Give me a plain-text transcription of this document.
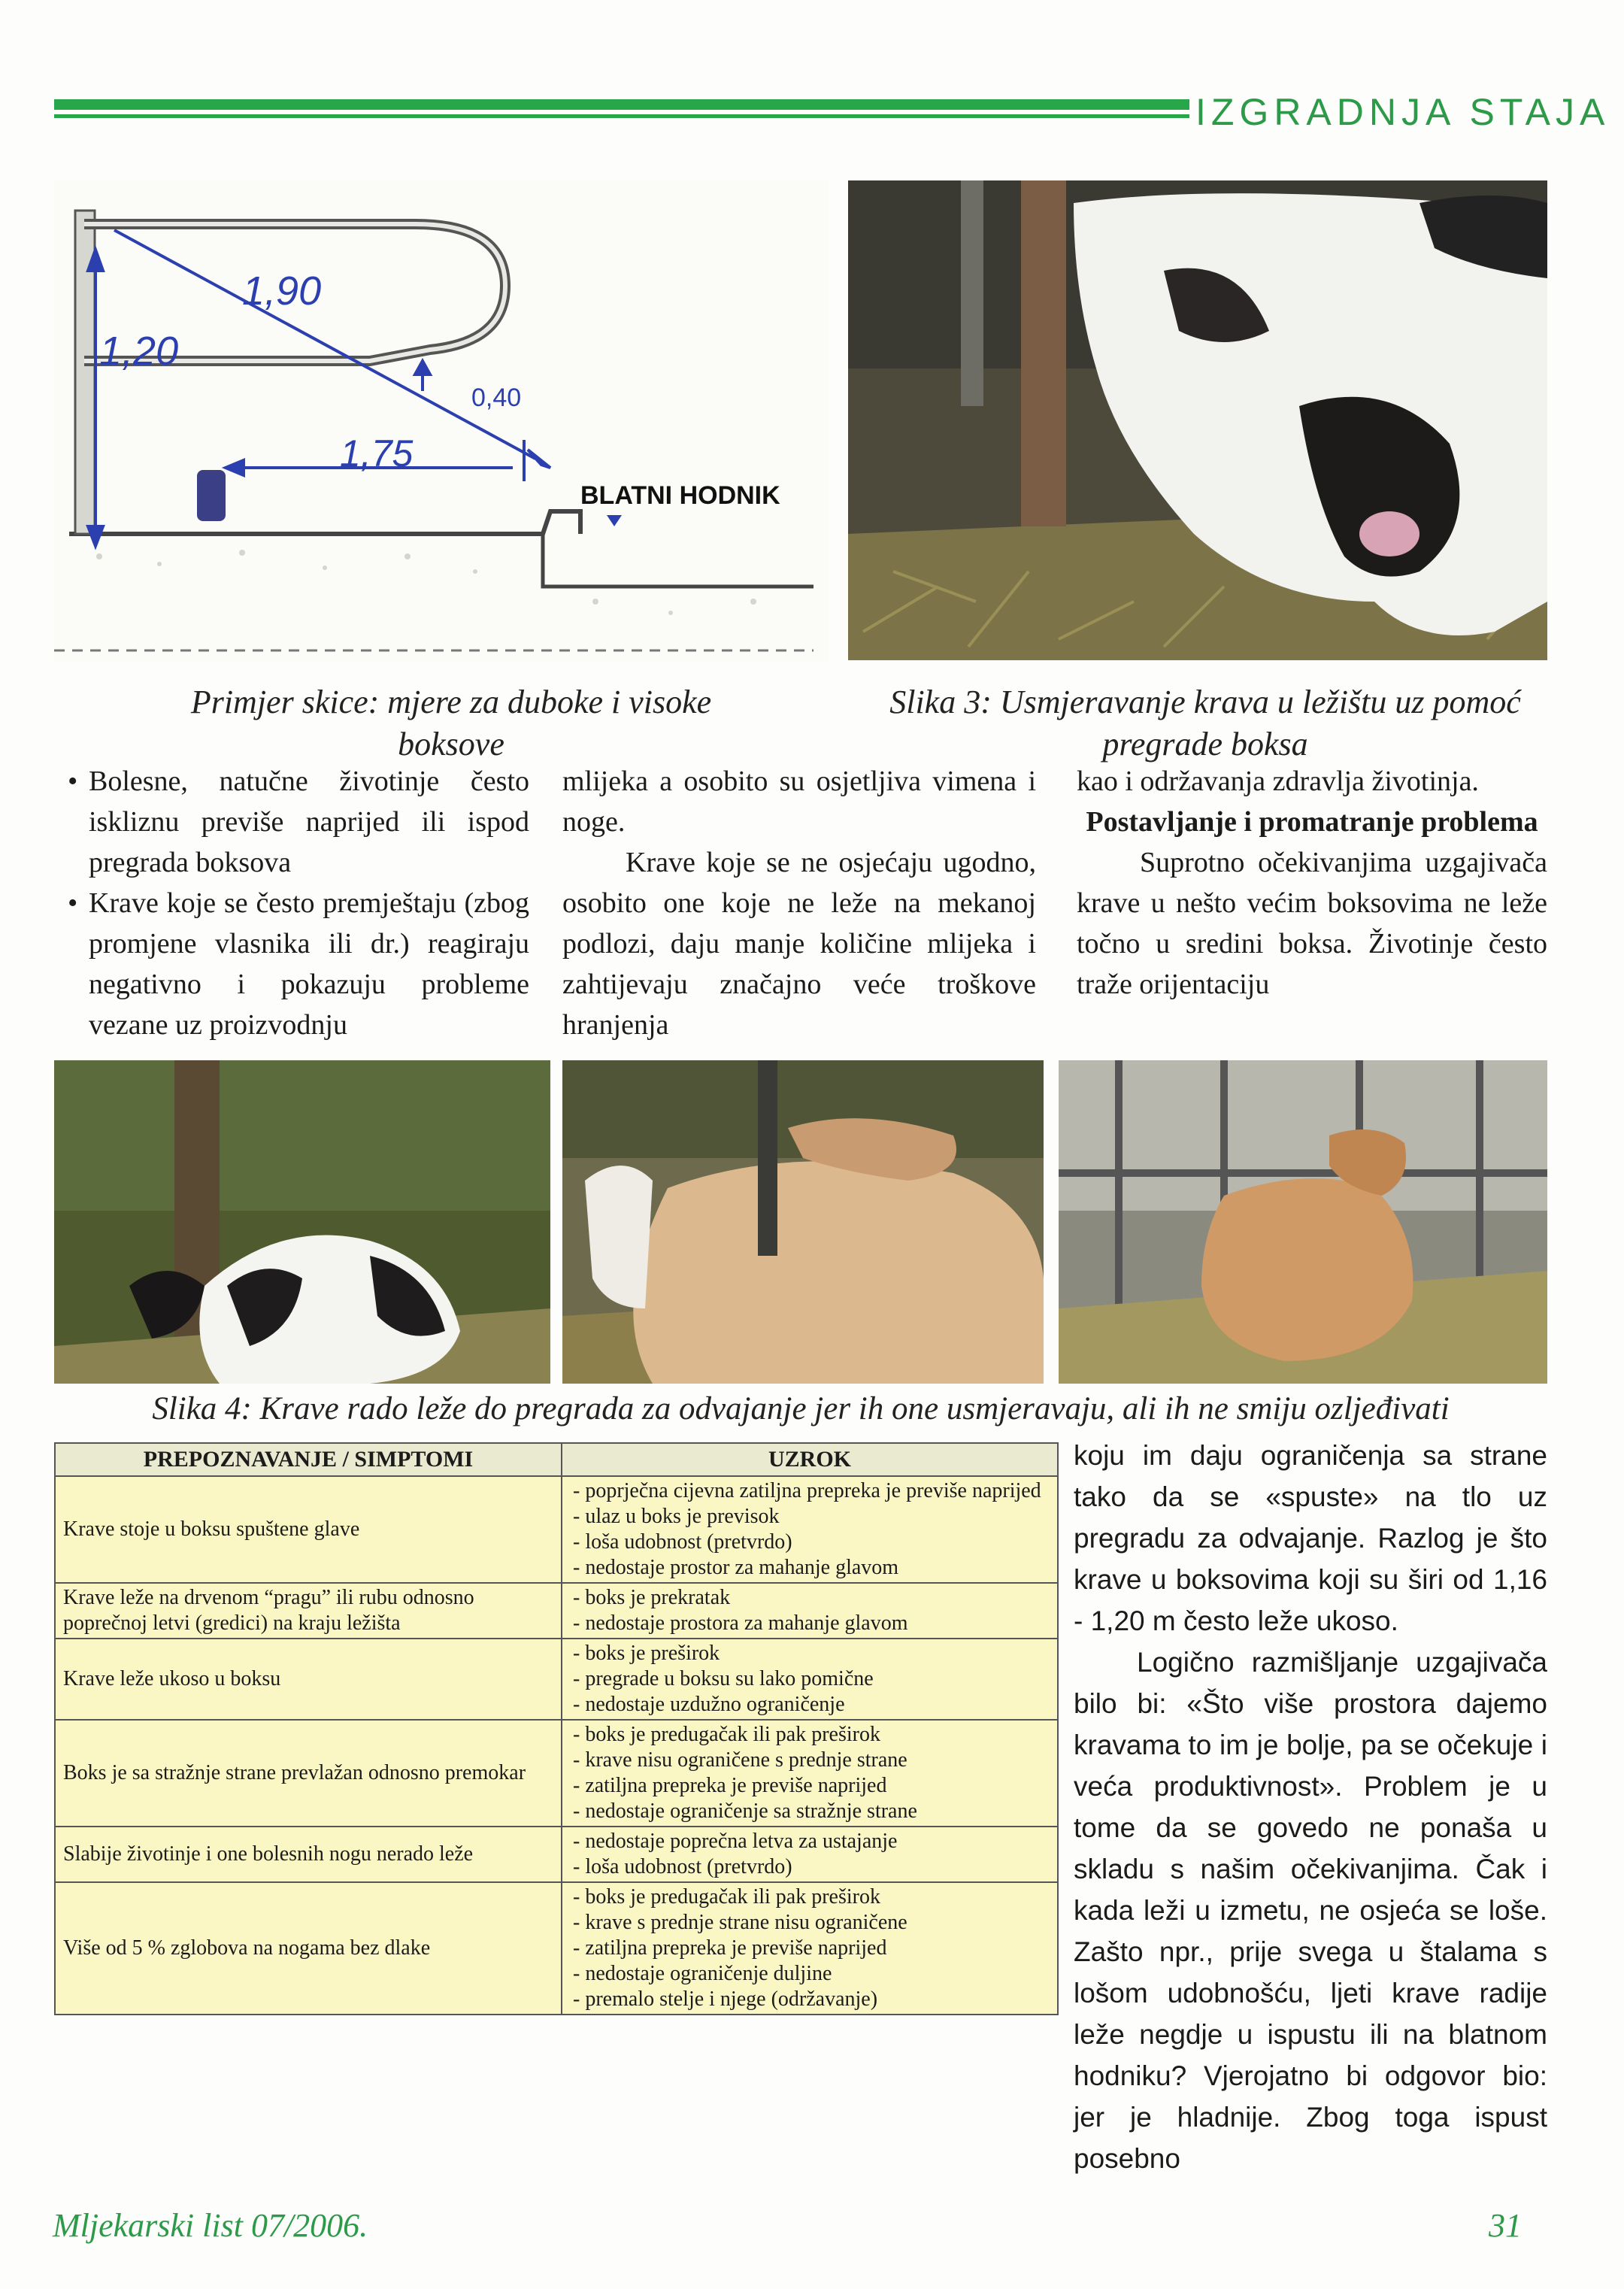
IZGRADNJA STAJA
1,20
1,90
0,40
1,75
BLATNI HODNIK
Primjer skice: mjere za duboke i visoke boksove
Slika 3: Usmjeravanje krava u ležištu uz pomoć pregrade boksa

• Bolesne, natučne životinje često iskliznu previše naprijed ili ispod pregrada boksova

• Krave koje se često premještaju (zbog promjene vlasnika ili dr.) reagiraju negativno i pokazuju probleme vezane uz proizvodnju

mlijeka a osobito su osjetljiva vimena i noge.

Krave koje se ne osjećaju ugodno, osobito one koje ne leže na mekanoj podlozi, daju manje količine mlijeka i zahtijevaju značajno veće troškove hranjenja

kao i održavanja zdravlja životinja.

Postavljanje i promatranje problema

Suprotno očekivanjima uzgajivača krave u nešto većim boksovima ne leže točno u sredini boksa. Životinje često traže orijentaciju

Slika 4: Krave rado leže do pregrada za odvajanje jer ih one usmjeravaju, ali ih ne smiju ozljeđivati
PREPOZNAVANJE / SIMPTOMI	UZROK
Krave stoje u boksu spuštene glave	- poprječna cijevna zatiljna prepreka je previše naprijed
- ulaz u boks je previsok
- loša udobnost (pretvrdo)
- nedostaje prostor za mahanje glavom

Krave leže na drvenom “pragu” ili rubu odnosno poprečnoj letvi (gredici) na kraju ležišta	- boks je prekratak
- nedostaje prostora za mahanje glavom

Krave leže ukoso u boksu	- boks je preširok
- pregrade u boksu su lako pomične
- nedostaje uzdužno ograničenje

Boks je sa stražnje strane prevlažan odnosno premokar	- boks je predugačak ili pak preširok
- krave nisu ograničene s prednje strane
- zatiljna prepreka je previše naprijed
- nedostaje ograničenje sa stražnje strane

Slabije životinje i one bolesnih nogu nerado leže	- nedostaje poprečna letva za ustajanje
- loša udobnost (pretvrdo)

Više od 5 % zglobova na nogama bez dlake	- boks je predugačak ili pak preširok
- krave s prednje strane nisu ograničene
- zatiljna prepreka je previše naprijed
- nedostaje ograničenje duljine
- premalo stelje i njege (održavanje)

koju im daju ograničenja sa strane tako da se «spuste» na tlo uz pregradu za odvajanje. Razlog je što krave u boksovima koji su širi od 1,16 - 1,20 m često leže ukoso.

Logično razmišljanje uzgajivača bilo bi: «Što više prostora dajemo kravama to im je bolje, pa se očekuje i veća produktivnost». Problem je u tome da se govedo ne ponaša u skladu s našim očekivanjima. Čak i kada leži u izmetu, ne osjeća se loše. Zašto npr., prije svega u štalama s lošom udobnošću, ljeti krave radije leže negdje u ispustu ili na blatnom hodniku? Vjerojatno bi odgovor bio: jer je hladnije. Zbog toga ispust posebno

Mljekarski list 07/2006.	31
